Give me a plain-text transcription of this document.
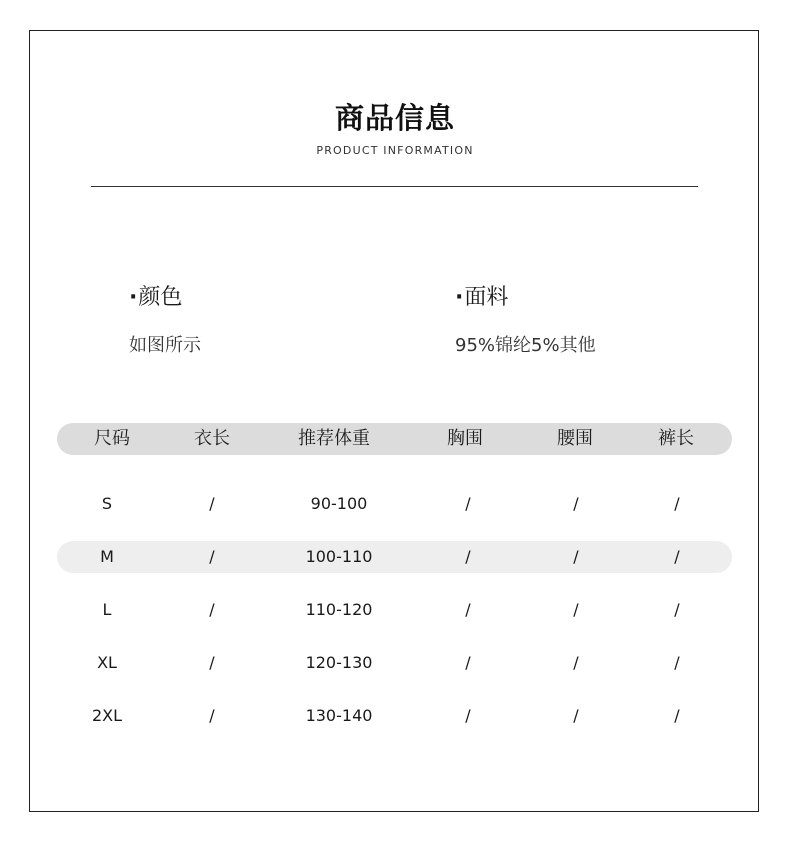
商品信息
PRODUCT INFORMATION
·颜色
如图所示
·面料
95%锦纶5%其他
尺码	衣长	推荐体重	胸围	腰围	裤长
S	/	90-100	/	/	/
M	/	100-110	/	/	/
L	/	110-120	/	/	/
XL	/	120-130	/	/	/
2XL	/	130-140	/	/	/
